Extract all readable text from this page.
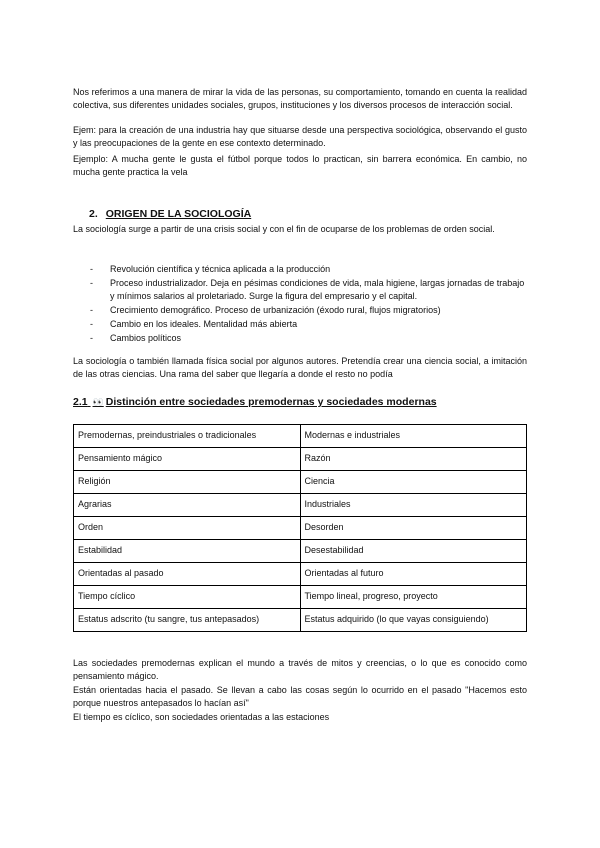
Nos referimos a una manera de mirar la vida de las personas, su comportamiento, tomando en cuenta la realidad colectiva, sus diferentes unidades sociales, grupos, instituciones y los diversos procesos de interacción social.

Ejem: para la creación de una industria hay que situarse desde una perspectiva sociológica, observando el gusto y las preocupaciones de la gente en ese contexto determinado.

Ejemplo: A mucha gente le gusta el fútbol porque todos lo practican, sin barrera económica. En cambio, no mucha gente practica la vela

2. ORIGEN DE LA SOCIOLOGÍA

La sociología surge a partir de una crisis social y con el fin de ocuparse de los problemas de orden social.

- Revolución científica y técnica aplicada a la producción
- Proceso industrializador. Deja en pésimas condiciones de vida, mala higiene, largas jornadas de trabajo y mínimos salarios al proletariado. Surge la figura del empresario y el capital.
- Crecimiento demográfico. Proceso de urbanización (éxodo rural, flujos migratorios)
- Cambio en los ideales. Mentalidad más abierta
- Cambios políticos

La sociología o también llamada física social por algunos autores. Pretendía crear una ciencia social, a imitación de las otras ciencias. Una rama del saber que llegaría a donde el resto no podía

2.1 👀 Distinción entre sociedades premodernas y sociedades modernas
Premodernas, preindustriales o tradicionales	Modernas e industriales
Pensamiento mágico	Razón
Religión	Ciencia
Agrarias	Industriales
Orden	Desorden
Estabilidad	Desestabilidad
Orientadas al pasado	Orientadas al futuro
Tiempo cíclico	Tiempo lineal, progreso, proyecto
Estatus adscrito (tu sangre, tus antepasados)	Estatus adquirido (lo que vayas consiguiendo)

Las sociedades premodernas explican el mundo a través de mitos y creencias, o lo que es conocido como pensamiento mágico.

Están orientadas hacia el pasado. Se llevan a cabo las cosas según lo ocurrido en el pasado "Hacemos esto porque nuestros antepasados lo hacían así"

El tiempo es cíclico, son sociedades orientadas a las estaciones
